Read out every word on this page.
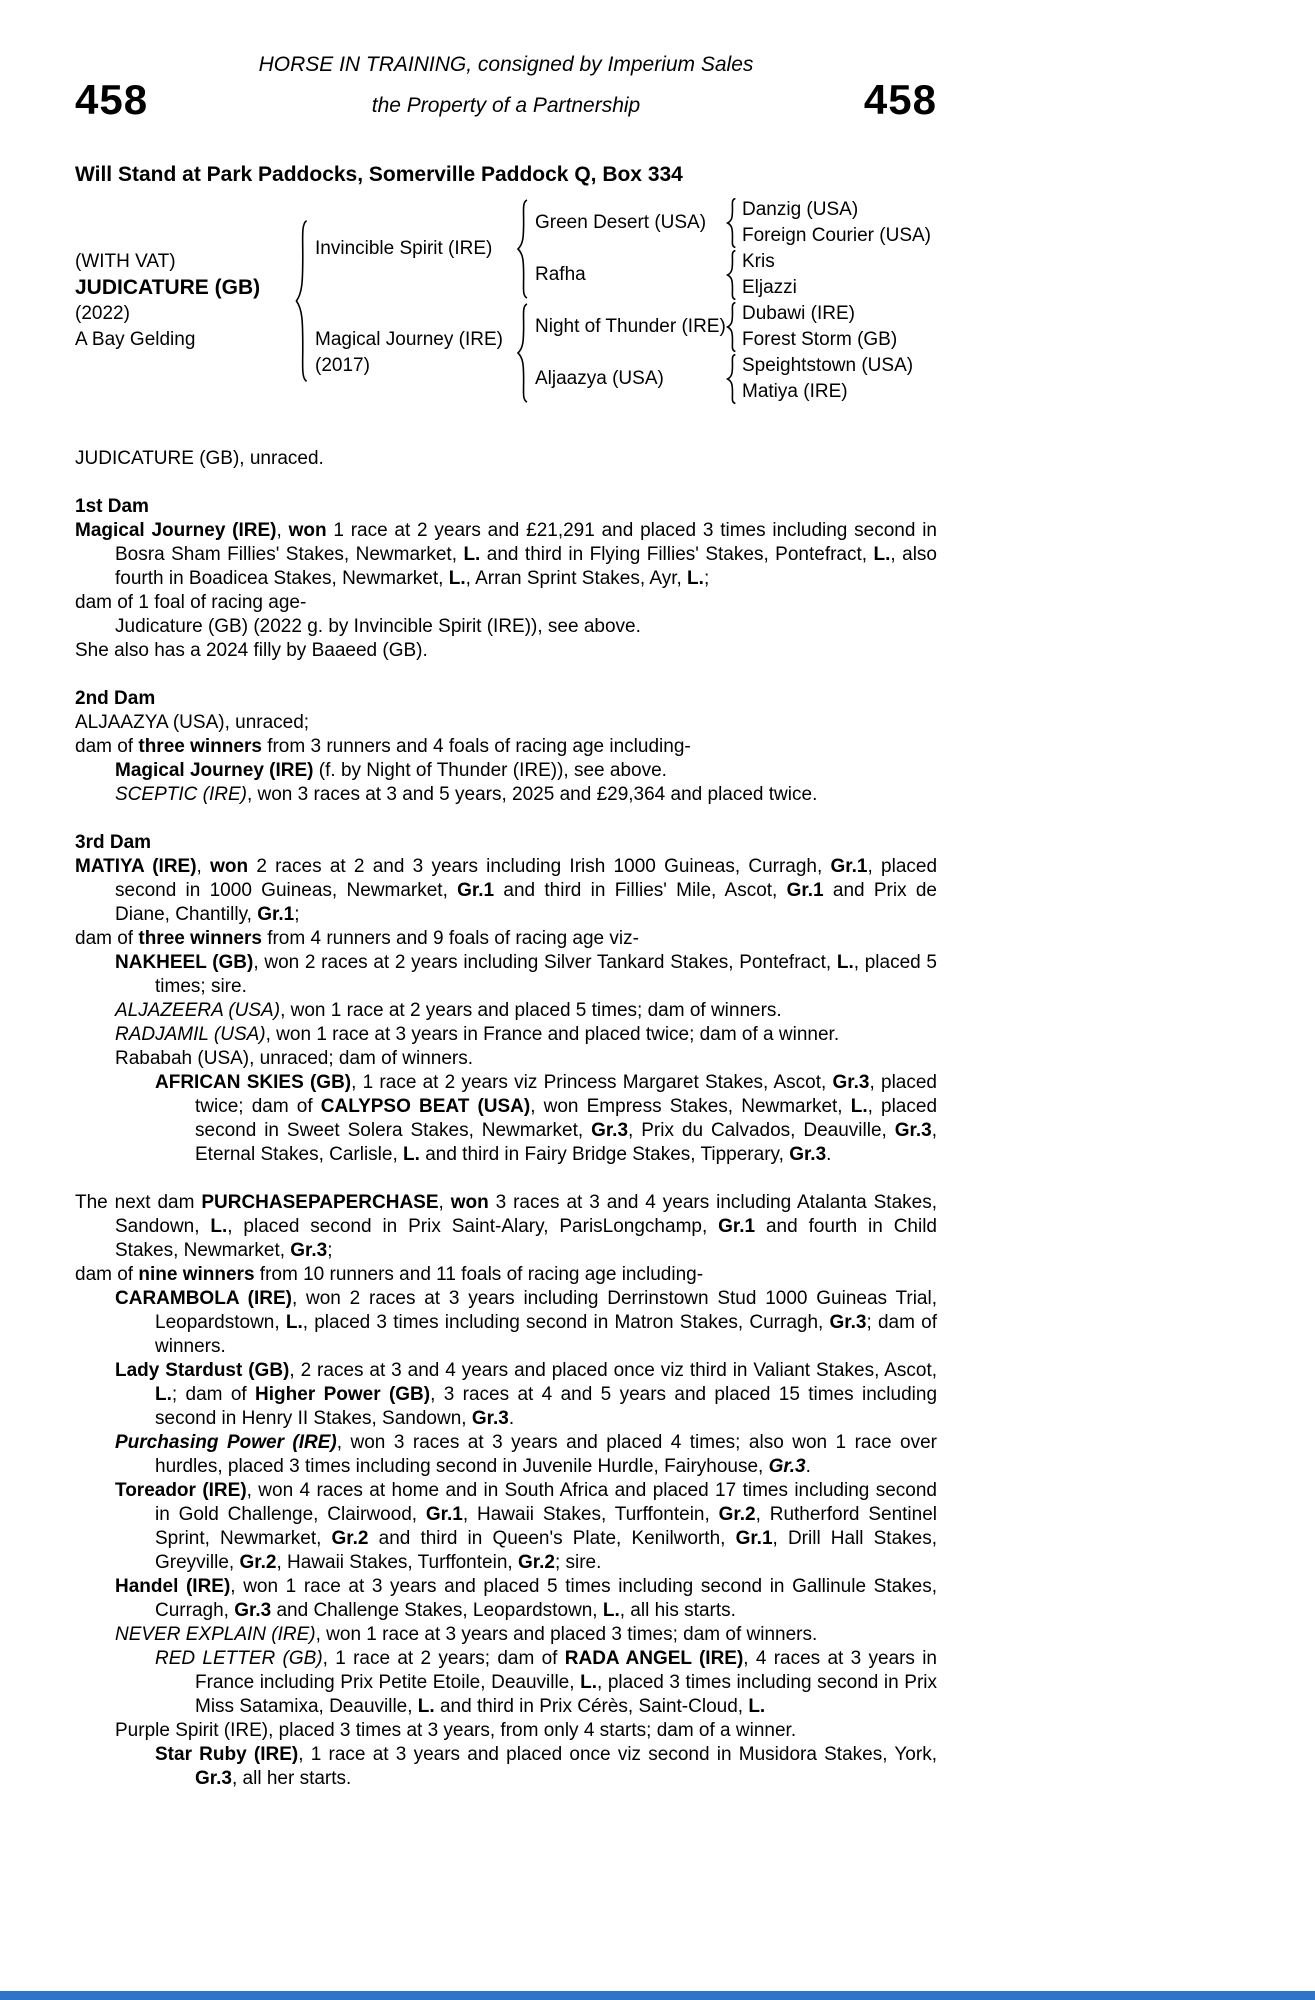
HORSE IN TRAINING, consigned by Imperium Sales
458	the Property of a Partnership	458
Will Stand at Park Paddocks, Somerville Paddock Q, Box 334
(WITH VAT)
JUDICATURE (GB)
(2022)
A Bay Gelding
Invincible Spirit (IRE)
Green Desert (USA)
Danzig (USA)
Foreign Courier (USA)
Rafha
Kris
Eljazzi
Magical Journey (IRE)
(2017)
Night of Thunder (IRE)
Dubawi (IRE)
Forest Storm (GB)
Aljaazya (USA)
Speightstown (USA)
Matiya (IRE)
JUDICATURE (GB), unraced.
1st Dam

Magical Journey (IRE), won 1 race at 2 years and £21,291 and placed 3 times including second in Bosra Sham Fillies' Stakes, Newmarket, L. and third in Flying Fillies' Stakes, Pontefract, L., also fourth in Boadicea Stakes, Newmarket, L., Arran Sprint Stakes, Ayr, L.;

dam of 1 foal of racing age-

Judicature (GB) (2022 g. by Invincible Spirit (IRE)), see above.

She also has a 2024 filly by Baaeed (GB).

2nd Dam

ALJAAZYA (USA), unraced;

dam of three winners from 3 runners and 4 foals of racing age including-

Magical Journey (IRE) (f. by Night of Thunder (IRE)), see above.

SCEPTIC (IRE), won 3 races at 3 and 5 years, 2025 and £29,364 and placed twice.

3rd Dam

MATIYA (IRE), won 2 races at 2 and 3 years including Irish 1000 Guineas, Curragh, Gr.1, placed second in 1000 Guineas, Newmarket, Gr.1 and third in Fillies' Mile, Ascot, Gr.1 and Prix de Diane, Chantilly, Gr.1;

dam of three winners from 4 runners and 9 foals of racing age viz-

NAKHEEL (GB), won 2 races at 2 years including Silver Tankard Stakes, Pontefract, L., placed 5 times; sire.

ALJAZEERA (USA), won 1 race at 2 years and placed 5 times; dam of winners.

RADJAMIL (USA), won 1 race at 3 years in France and placed twice; dam of a winner.

Rababah (USA), unraced; dam of winners.

AFRICAN SKIES (GB), 1 race at 2 years viz Princess Margaret Stakes, Ascot, Gr.3, placed twice; dam of CALYPSO BEAT (USA), won Empress Stakes, Newmarket, L., placed second in Sweet Solera Stakes, Newmarket, Gr.3, Prix du Calvados, Deauville, Gr.3, Eternal Stakes, Carlisle, L. and third in Fairy Bridge Stakes, Tipperary, Gr.3.

The next dam PURCHASEPAPERCHASE, won 3 races at 3 and 4 years including Atalanta Stakes, Sandown, L., placed second in Prix Saint-Alary, ParisLongchamp, Gr.1 and fourth in Child Stakes, Newmarket, Gr.3;

dam of nine winners from 10 runners and 11 foals of racing age including-

CARAMBOLA (IRE), won 2 races at 3 years including Derrinstown Stud 1000 Guineas Trial, Leopardstown, L., placed 3 times including second in Matron Stakes, Curragh, Gr.3; dam of winners.

Lady Stardust (GB), 2 races at 3 and 4 years and placed once viz third in Valiant Stakes, Ascot, L.; dam of Higher Power (GB), 3 races at 4 and 5 years and placed 15 times including second in Henry II Stakes, Sandown, Gr.3.

Purchasing Power (IRE), won 3 races at 3 years and placed 4 times; also won 1 race over hurdles, placed 3 times including second in Juvenile Hurdle, Fairyhouse, Gr.3.

Toreador (IRE), won 4 races at home and in South Africa and placed 17 times including second in Gold Challenge, Clairwood, Gr.1, Hawaii Stakes, Turffontein, Gr.2, Rutherford Sentinel Sprint, Newmarket, Gr.2 and third in Queen's Plate, Kenilworth, Gr.1, Drill Hall Stakes, Greyville, Gr.2, Hawaii Stakes, Turffontein, Gr.2; sire.

Handel (IRE), won 1 race at 3 years and placed 5 times including second in Gallinule Stakes, Curragh, Gr.3 and Challenge Stakes, Leopardstown, L., all his starts.

NEVER EXPLAIN (IRE), won 1 race at 3 years and placed 3 times; dam of winners.

RED LETTER (GB), 1 race at 2 years; dam of RADA ANGEL (IRE), 4 races at 3 years in France including Prix Petite Etoile, Deauville, L., placed 3 times including second in Prix Miss Satamixa, Deauville, L. and third in Prix Cérès, Saint-Cloud, L.

Purple Spirit (IRE), placed 3 times at 3 years, from only 4 starts; dam of a winner.

Star Ruby (IRE), 1 race at 3 years and placed once viz second in Musidora Stakes, York, Gr.3, all her starts.
